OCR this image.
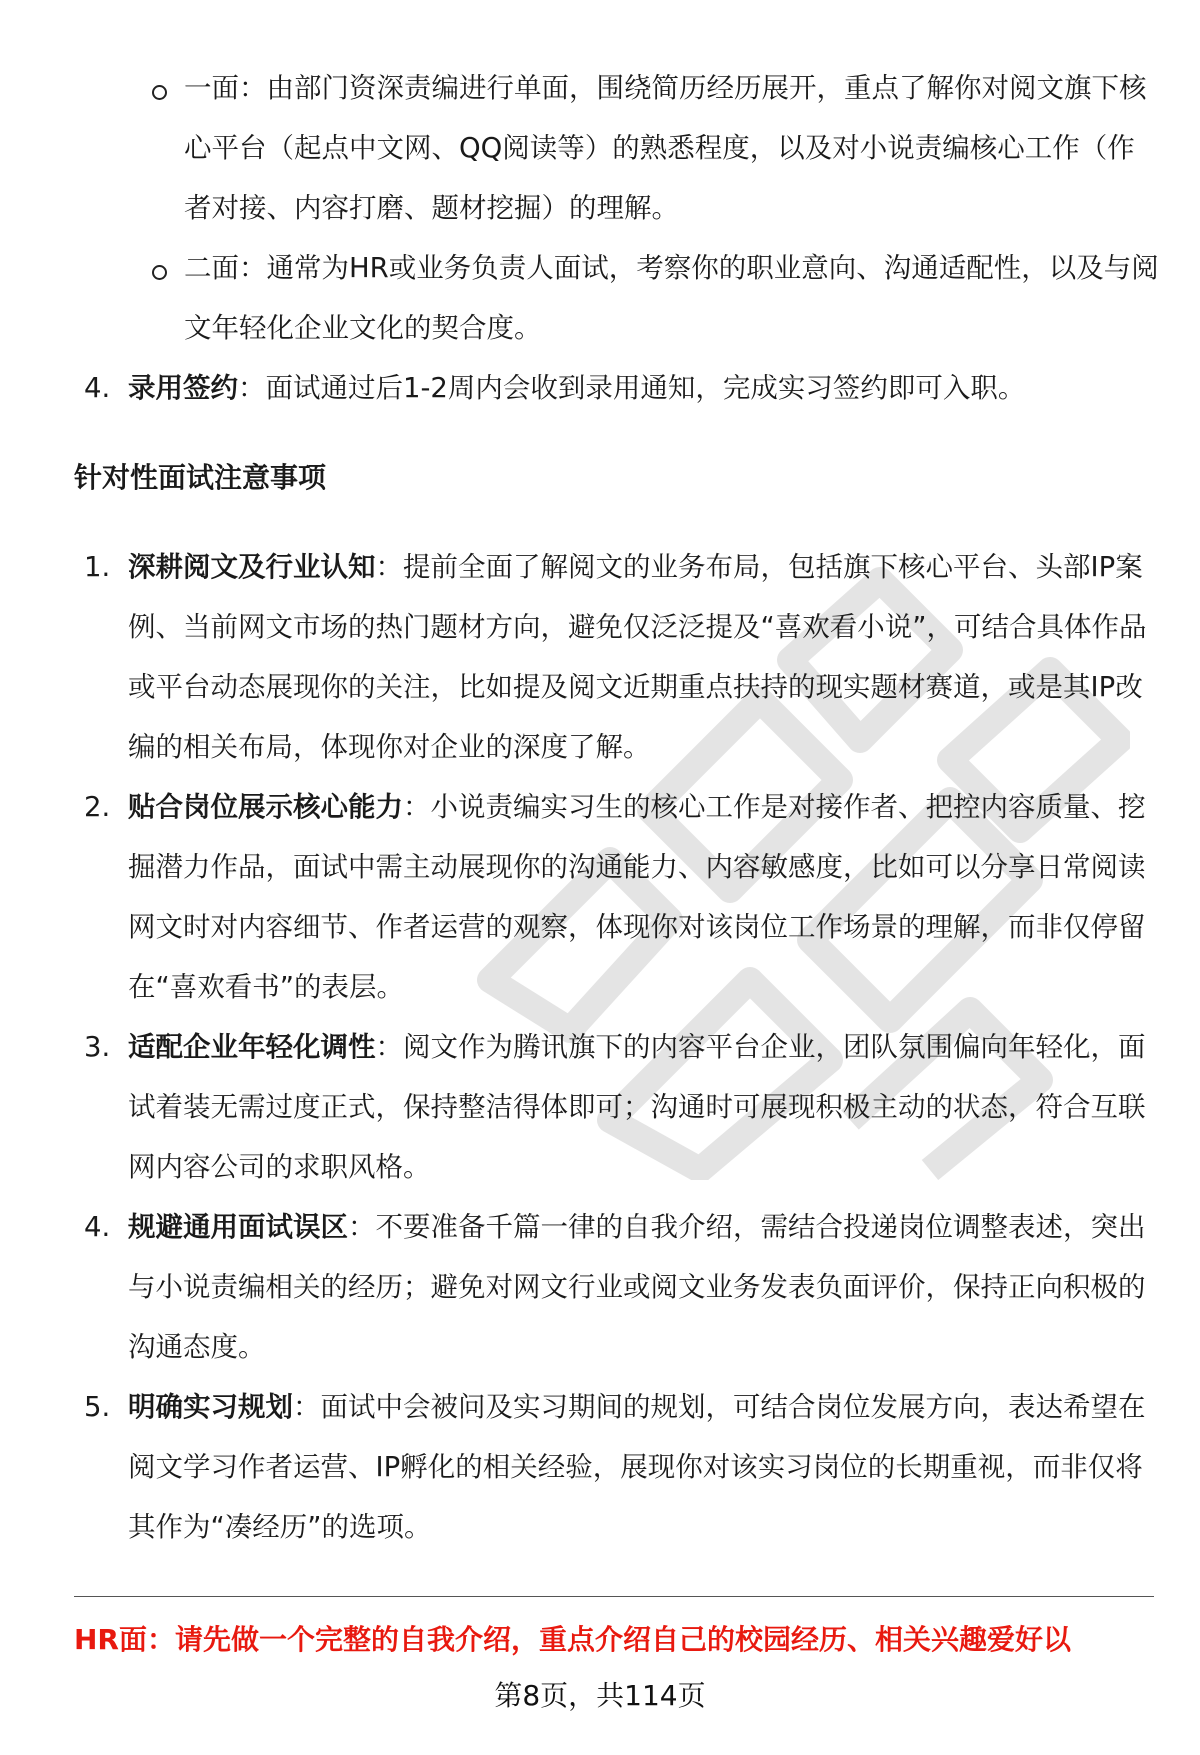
一面：由部门资深责编进行单面，围绕简历经历展开，重点了解你对阅文旗下核心平台（起点中文网、QQ阅读等）的熟悉程度，以及对小说责编核心工作（作者对接、内容打磨、题材挖掘）的理解。

二面：通常为HR或业务负责人面试，考察你的职业意向、沟通适配性，以及与阅文年轻化企业文化的契合度。

4. 录用签约：面试通过后1-2周内会收到录用通知，完成实习签约即可入职。

针对性面试注意事项
1. 深耕阅文及行业认知：提前全面了解阅文的业务布局，包括旗下核心平台、头部IP案例、当前网文市场的热门题材方向，避免仅泛泛提及“喜欢看小说”，可结合具体作品或平台动态展现你的关注，比如提及阅文近期重点扶持的现实题材赛道，或是其IP改编的相关布局，体现你对企业的深度了解。

2. 贴合岗位展示核心能力：小说责编实习生的核心工作是对接作者、把控内容质量、挖掘潜力作品，面试中需主动展现你的沟通能力、内容敏感度，比如可以分享日常阅读网文时对内容细节、作者运营的观察，体现你对该岗位工作场景的理解，而非仅停留在“喜欢看书”的表层。

3. 适配企业年轻化调性：阅文作为腾讯旗下的内容平台企业，团队氛围偏向年轻化，面试着装无需过度正式，保持整洁得体即可；沟通时可展现积极主动的状态，符合互联网内容公司的求职风格。

4. 规避通用面试误区：不要准备千篇一律的自我介绍，需结合投递岗位调整表述，突出与小说责编相关的经历；避免对网文行业或阅文业务发表负面评价，保持正向积极的沟通态度。

5. 明确实习规划：面试中会被问及实习期间的规划，可结合岗位发展方向，表达希望在阅文学习作者运营、IP孵化的相关经验，展现你对该实习岗位的长期重视，而非仅将其作为“凑经历”的选项。

HR面：请先做一个完整的自我介绍，重点介绍自己的校园经历、相关兴趣爱好以

第8页，共114页
